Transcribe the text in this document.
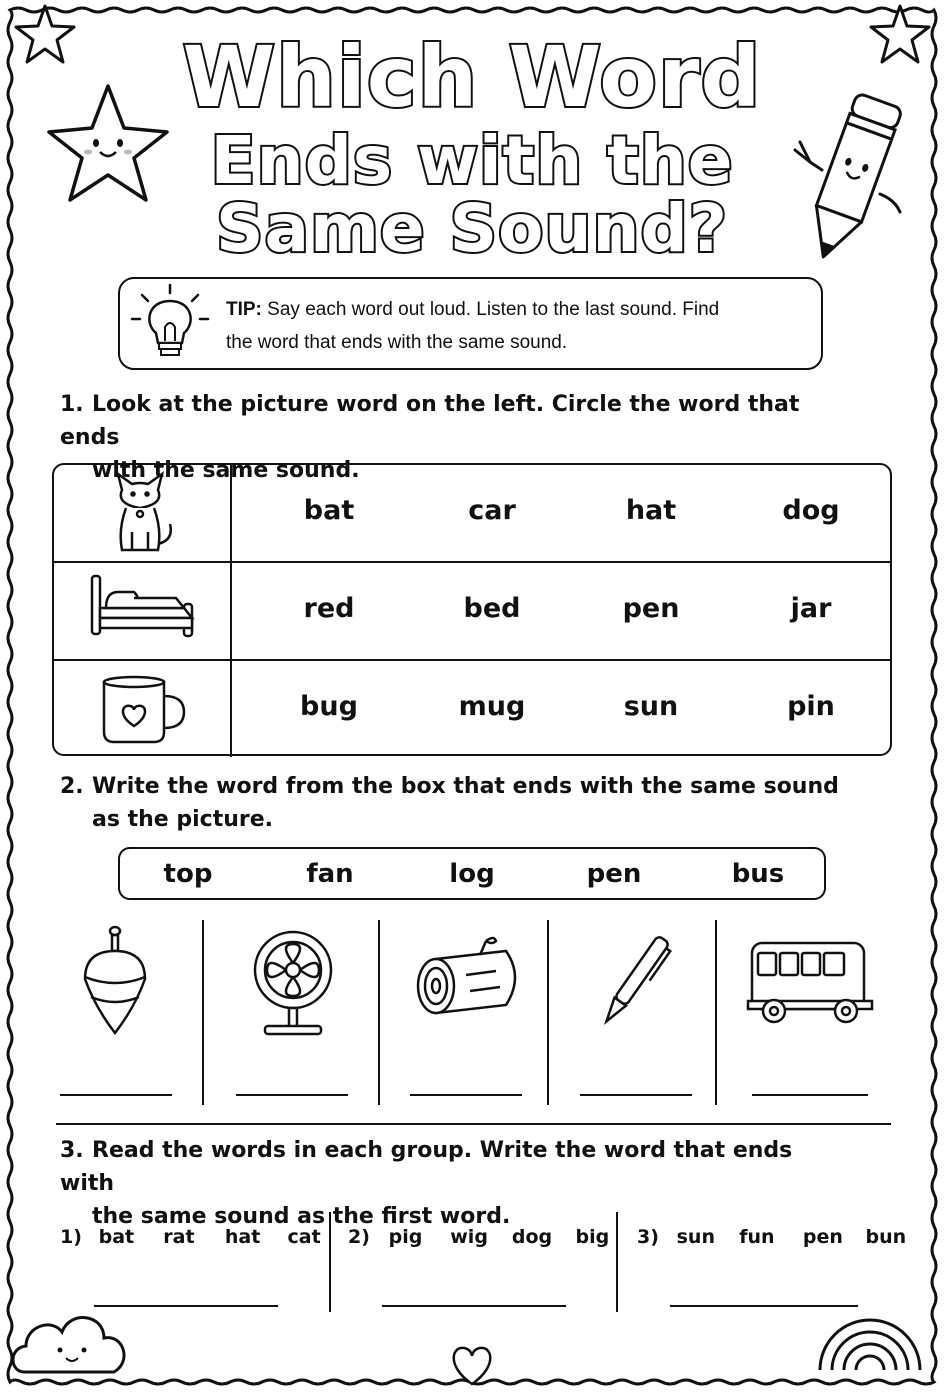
Which Word
Ends with the
Same Sound?
TIP: Say each word out loud. Listen to the last sound. Find
the word that ends with the same sound.
1. Look at the picture word on the left. Circle the word that ends
with the same sound.
bat	car	hat	dog
red	bed	pen	jar
bug	mug	sun	pin
2. Write the word from the box that ends with the same sound
as the picture.
top	fan	log	pen	bus
3. Read the words in each group. Write the word that ends with
the same sound as the first word.
1) bat rat hat cat 2) pig wig dog big 3) sun fun pen bun
